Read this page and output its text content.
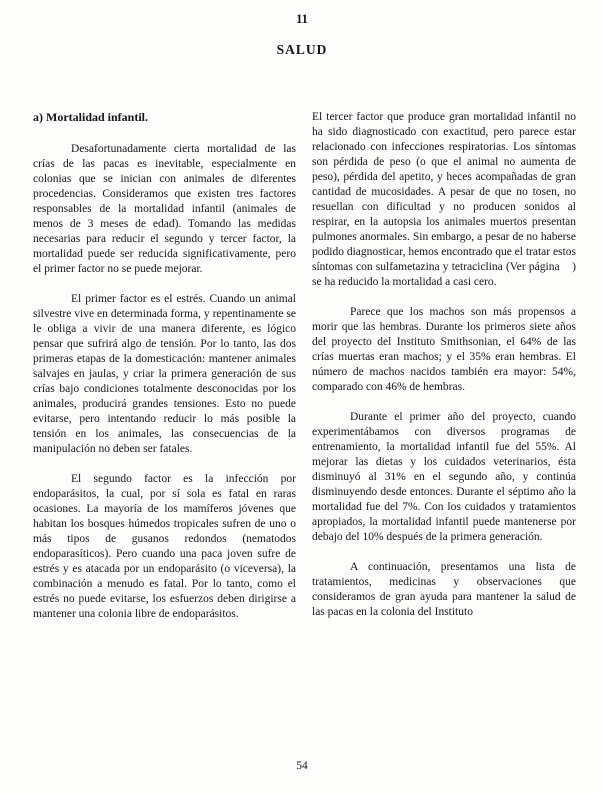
11
SALUD
a) Mortalidad infantil.

Desafortunadamente cierta mortalidad de las crías de las pacas es inevitable, especialmente en colonias que se inician con animales de diferentes procedencias. Consideramos que existen tres factores responsables de la mortalidad infantil (animales de menos de 3 meses de edad). Tomando las medidas necesarias para reducir el segundo y tercer factor, la mortalidad puede ser reducida significativamente, pero el primer factor no se puede mejorar.

El primer factor es el estrés. Cuando un animal silvestre vive en determinada forma, y repentinamente se le obliga a vivir de una manera diferente, es lógico pensar que sufrirá algo de tensión. Por lo tanto, las dos primeras etapas de la domesticación: mantener animales salvajes en jaulas, y criar la primera generación de sus crías bajo condiciones totalmente desconocidas por los animales, producirá grandes tensiones. Esto no puede evitarse, pero intentando reducir lo más posible la tensión en los animales, las consecuencias de la manipulación no deben ser fatales.

El segundo factor es la infección por endoparásitos, la cual, por sí sola es fatal en raras ocasiones. La mayoría de los mamíferos jóvenes que habitan los bosques húmedos tropicales sufren de uno o más tipos de gusanos redondos (nematodos endoparasíticos). Pero cuando una paca joven sufre de estrés y es atacada por un endoparásito (o viceversa), la combinación a menudo es fatal. Por lo tanto, como el estrés no puede evitarse, los esfuerzos deben dirigirse a mantener una colonia libre de endoparásitos.

El tercer factor que produce gran mortalidad infantil no ha sido diagnosticado con exactitud, pero parece estar relacionado con infecciones respiratorias. Los síntomas son pérdida de peso (o que el animal no aumenta de peso), pérdida del apetito, y heces acompañadas de gran cantidad de mucosidades. A pesar de que no tosen, no resuellan con dificultad y no producen sonidos al respirar, en la autopsia los animales muertos presentan pulmones anormales. Sin embargo, a pesar de no haberse podido diagnosticar, hemos encontrado que el tratar estos síntomas con sulfametazina y tetraciclina (Ver página    ) se ha reducido la mortalidad a casi cero.

Parece que los machos son más propensos a morir que las hembras. Durante los primeros siete años del proyecto del Instituto Smithsonian, el 64% de las crías muertas eran machos; y el 35% eran hembras. El número de machos nacidos también era mayor: 54%, comparado con 46% de hembras.

Durante el primer año del proyecto, cuando experimentábamos con diversos programas de entrenamiento, la mortalidad infantil fue del 55%. Al mejorar las dietas y los cuidados veterinarios, ésta disminuyó al 31% en el segundo año, y continúa disminuyendo desde entonces. Durante el séptimo año la mortalidad fue del 7%. Con los cuidados y tratamientos apropiados, la mortalidad infantil puede mantenerse por debajo del 10% después de la primera generación.

A continuación, presentamos una lista de tratamientos, medicinas y observaciones que consideramos de gran ayuda para mantener la salud de las pacas en la colonia del Instituto

54
